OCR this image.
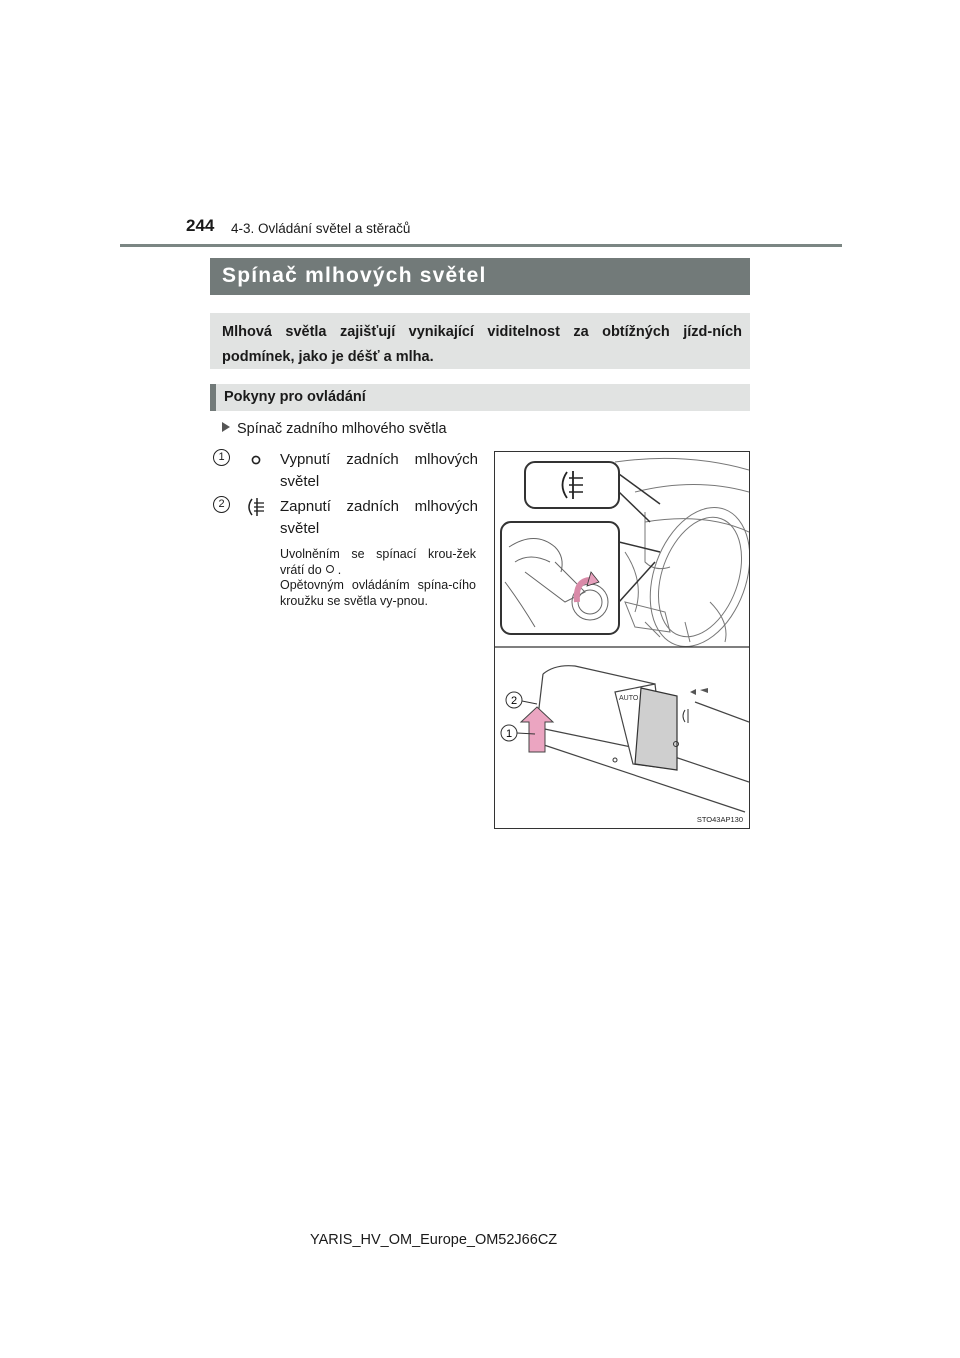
244 4-3. Ovládání světel a stěračů
Spínač mlhových světel
Mlhová světla zajišťují vynikající viditelnost za obtížných jízd-ních podmínek, jako je déšť a mlha.
Pokyny pro ovládání
Spínač zadního mlhového světla
1	Vypnutí zadních mlhových světel
2	Zapnutí zadních mlhových světel
Uvolněním se spínací krou-žek vrátí do .
Opětovným ovládáním spína-cího kroužku se světla vy-pnou.
AUTO
2
1
STO43AP130
YARIS_HV_OM_Europe_OM52J66CZ
